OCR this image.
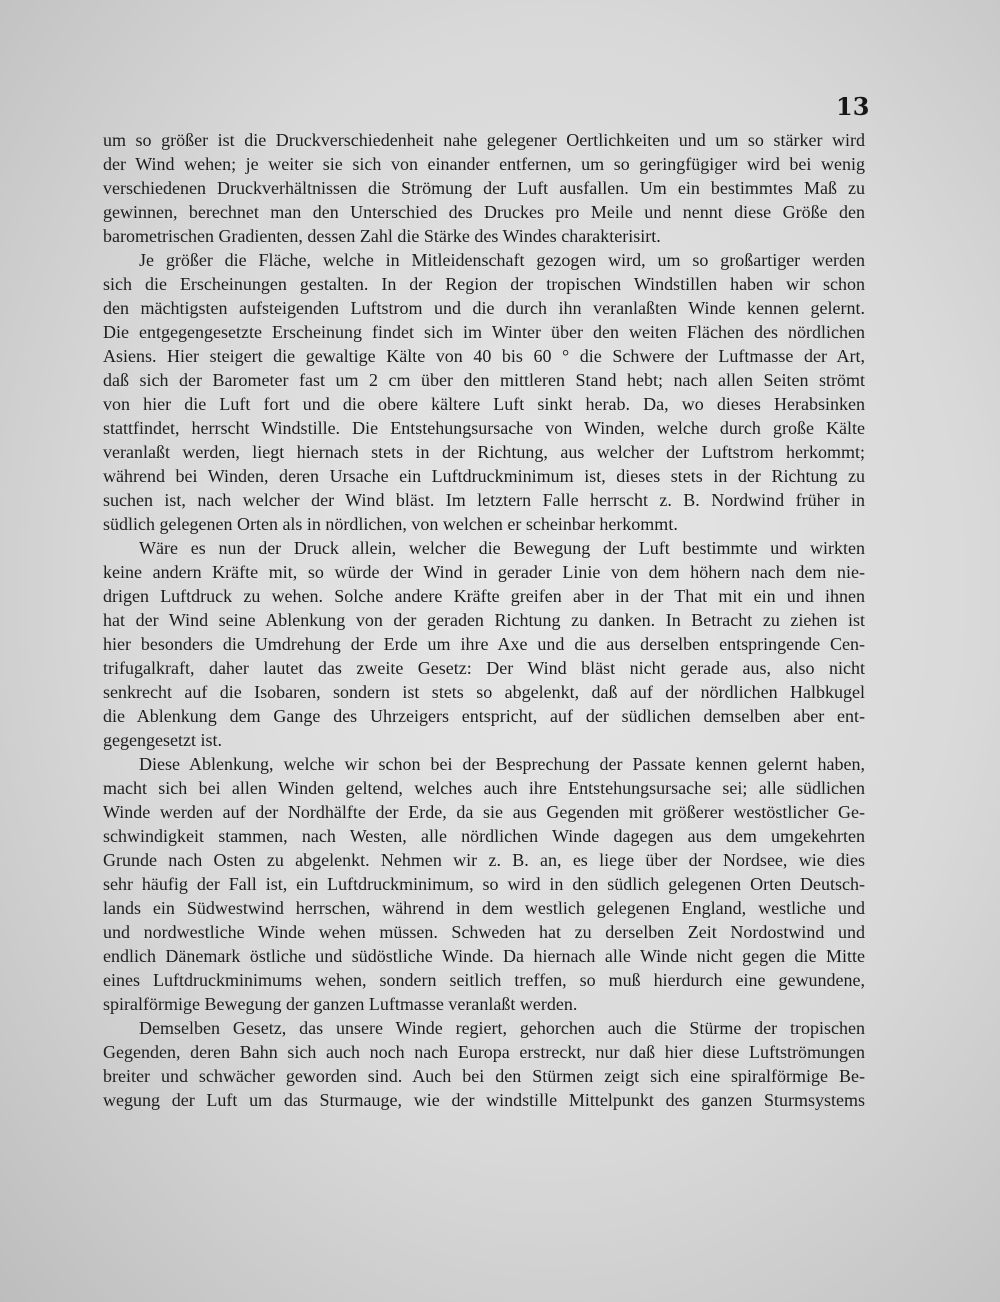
13
um so größer ist die Druckverschiedenheit nahe gelegener Oertlichkeiten und um so stärker wird
der Wind wehen; je weiter sie sich von einander entfernen, um so geringfügiger wird bei wenig
verschiedenen Druckverhältnissen die Strömung der Luft ausfallen. Um ein bestimmtes Maß zu
gewinnen, berechnet man den Unterschied des Druckes pro Meile und nennt diese Größe den
barometrischen Gradienten, dessen Zahl die Stärke des Windes charakterisirt.
Je größer die Fläche, welche in Mitleidenschaft gezogen wird, um so großartiger werden
sich die Erscheinungen gestalten. In der Region der tropischen Windstillen haben wir schon
den mächtigsten aufsteigenden Luftstrom und die durch ihn veranlaßten Winde kennen gelernt.
Die entgegengesetzte Erscheinung findet sich im Winter über den weiten Flächen des nördlichen
Asiens. Hier steigert die gewaltige Kälte von 40 bis 60 ° die Schwere der Luftmasse der Art,
daß sich der Barometer fast um 2 cm über den mittleren Stand hebt; nach allen Seiten strömt
von hier die Luft fort und die obere kältere Luft sinkt herab. Da, wo dieses Herabsinken
stattfindet, herrscht Windstille. Die Entstehungsursache von Winden, welche durch große Kälte
veranlaßt werden, liegt hiernach stets in der Richtung, aus welcher der Luftstrom herkommt;
während bei Winden, deren Ursache ein Luftdruckminimum ist, dieses stets in der Richtung zu
suchen ist, nach welcher der Wind bläst. Im letztern Falle herrscht z. B. Nordwind früher in
südlich gelegenen Orten als in nördlichen, von welchen er scheinbar herkommt.
Wäre es nun der Druck allein, welcher die Bewegung der Luft bestimmte und wirkten
keine andern Kräfte mit, so würde der Wind in gerader Linie von dem höhern nach dem nie-
drigen Luftdruck zu wehen. Solche andere Kräfte greifen aber in der That mit ein und ihnen
hat der Wind seine Ablenkung von der geraden Richtung zu danken. In Betracht zu ziehen ist
hier besonders die Umdrehung der Erde um ihre Axe und die aus derselben entspringende Cen-
trifugalkraft, daher lautet das zweite Gesetz: Der Wind bläst nicht gerade aus, also nicht
senkrecht auf die Isobaren, sondern ist stets so abgelenkt, daß auf der nördlichen Halbkugel
die Ablenkung dem Gange des Uhrzeigers entspricht, auf der südlichen demselben aber ent-
gegengesetzt ist.
Diese Ablenkung, welche wir schon bei der Besprechung der Passate kennen gelernt haben,
macht sich bei allen Winden geltend, welches auch ihre Entstehungsursache sei; alle südlichen
Winde werden auf der Nordhälfte der Erde, da sie aus Gegenden mit größerer westöstlicher Ge-
schwindigkeit stammen, nach Westen, alle nördlichen Winde dagegen aus dem umgekehrten
Grunde nach Osten zu abgelenkt. Nehmen wir z. B. an, es liege über der Nordsee, wie dies
sehr häufig der Fall ist, ein Luftdruckminimum, so wird in den südlich gelegenen Orten Deutsch-
lands ein Südwestwind herrschen, während in dem westlich gelegenen England, westliche und
und nordwestliche Winde wehen müssen. Schweden hat zu derselben Zeit Nordostwind und
endlich Dänemark östliche und südöstliche Winde. Da hiernach alle Winde nicht gegen die Mitte
eines Luftdruckminimums wehen, sondern seitlich treffen, so muß hierdurch eine gewundene,
spiralförmige Bewegung der ganzen Luftmasse veranlaßt werden.
Demselben Gesetz, das unsere Winde regiert, gehorchen auch die Stürme der tropischen
Gegenden, deren Bahn sich auch noch nach Europa erstreckt, nur daß hier diese Luftströmungen
breiter und schwächer geworden sind. Auch bei den Stürmen zeigt sich eine spiralförmige Be-
wegung der Luft um das Sturmauge, wie der windstille Mittelpunkt des ganzen Sturmsystems
